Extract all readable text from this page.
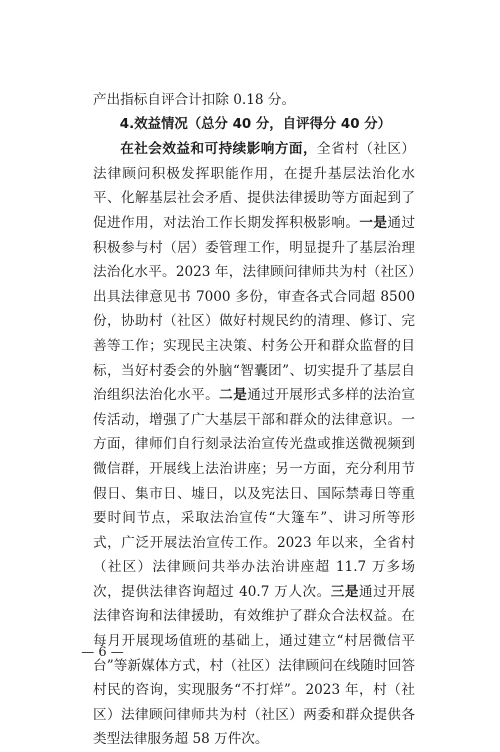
产出指标自评合计扣除 0.18 分。

4.效益情况（总分 40 分，自评得分 40 分）

在社会效益和可持续影响方面，全省村（社区）法律顾问积极发挥职能作用，在提升基层法治化水平、化解基层社会矛盾、提供法律援助等方面起到了促进作用，对法治工作长期发挥积极影响。一是通过积极参与村（居）委管理工作，明显提升了基层治理法治化水平。2023 年，法律顾问律师共为村（社区）出具法律意见书 7000 多份，审查各式合同超 8500 份，协助村（社区）做好村规民约的清理、修订、完善等工作；实现民主决策、村务公开和群众监督的目标，当好村委会的外脑“智囊团”、切实提升了基层自治组织法治化水平。二是通过开展形式多样的法治宣传活动，增强了广大基层干部和群众的法律意识。一方面，律师们自行刻录法治宣传光盘或推送微视频到微信群，开展线上法治讲座；另一方面，充分利用节假日、集市日、墟日，以及宪法日、国际禁毒日等重要时间节点，采取法治宣传“大篷车”、讲习所等形式，广泛开展法治宣传工作。2023 年以来，全省村（社区）法律顾问共举办法治讲座超 11.7 万多场次，提供法律咨询超过 40.7 万人次。三是通过开展法律咨询和法律援助，有效维护了群众合法权益。在每月开展现场值班的基础上，通过建立“村居微信平台”等新媒体方式，村（社区）法律顾问在线随时回答村民的咨询，实现服务“不打烊”。2023 年，村（社区）法律顾问律师共为村（社区）两委和群众提供各类型法律服务超 58 万件次。

— 6 —
